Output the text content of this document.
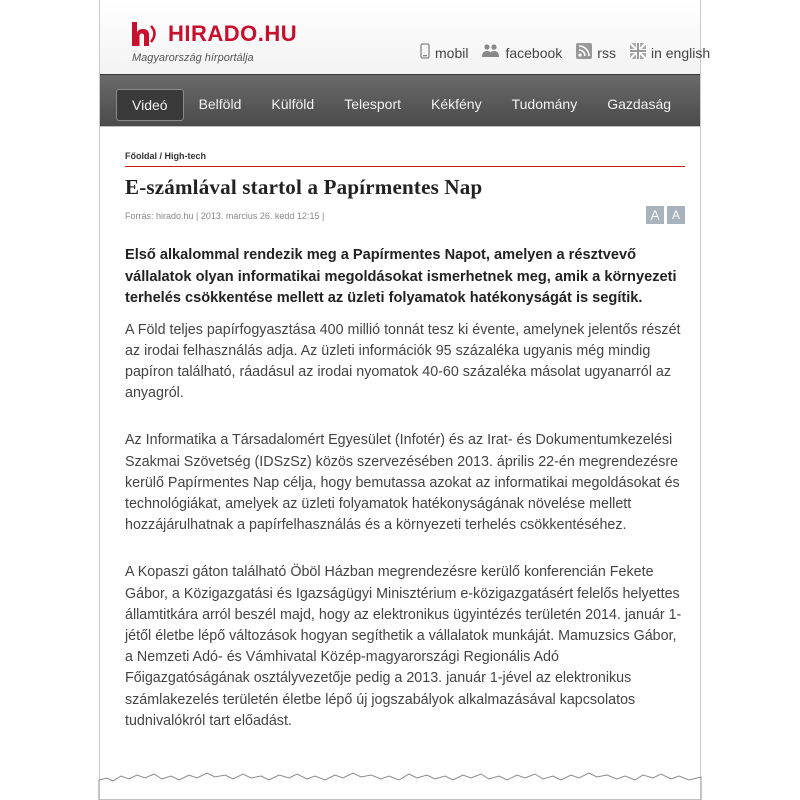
HIRADO.HU
Magyarország hírportálja	mobil	facebook	rss	in english
Videó	Belföld	Külföld	Telesport	Kékfény	Tudomány	Gazdaság
Főoldal / High-tech
E-számlával startol a Papírmentes Nap
Forrás: hirado.hu | 2013. március 26. kedd 12:15 |	A	A
Első alkalommal rendezik meg a Papírmentes Napot, amelyen a résztvevő vállalatok olyan informatikai megoldásokat ismerhetnek meg, amik a környezeti terhelés csökkentése mellett az üzleti folyamatok hatékonyságát is segítik.
A Föld teljes papírfogyasztása 400 millió tonnát tesz ki évente, amelynek jelentős részét az irodai felhasználás adja. Az üzleti információk 95 százaléka ugyanis még mindig papíron található, ráadásul az irodai nyomatok 40-60 százaléka másolat ugyanarról az anyagról.
Az Informatika a Társadalomért Egyesület (Infotér) és az Irat- és Dokumentumkezelési Szakmai Szövetség (IDSzSz) közös szervezésében 2013. április 22-én megrendezésre kerülő Papírmentes Nap célja, hogy bemutassa azokat az informatikai megoldásokat és technológiákat, amelyek az üzleti folyamatok hatékonyságának növelése mellett hozzájárulhatnak a papírfelhasználás és a környezeti terhelés csökkentéséhez.
A Kopaszi gáton található Öböl Házban megrendezésre kerülő konferencián Fekete Gábor, a Közigazgatási és Igazságügyi Minisztérium e-közigazgatásért felelős helyettes államtitkára arról beszél majd, hogy az elektronikus ügyintézés területén 2014. január 1-jétől életbe lépő változások hogyan segíthetik a vállalatok munkáját. Mamuzsics Gábor, a Nemzeti Adó- és Vámhivatal Közép-magyarországi Regionális Adó Főigazgatóságának osztályvezetője pedig a 2013. január 1-jével az elektronikus számlakezelés területén életbe lépő új jogszabályok alkalmazásával kapcsolatos tudnivalókról tart előadást.
